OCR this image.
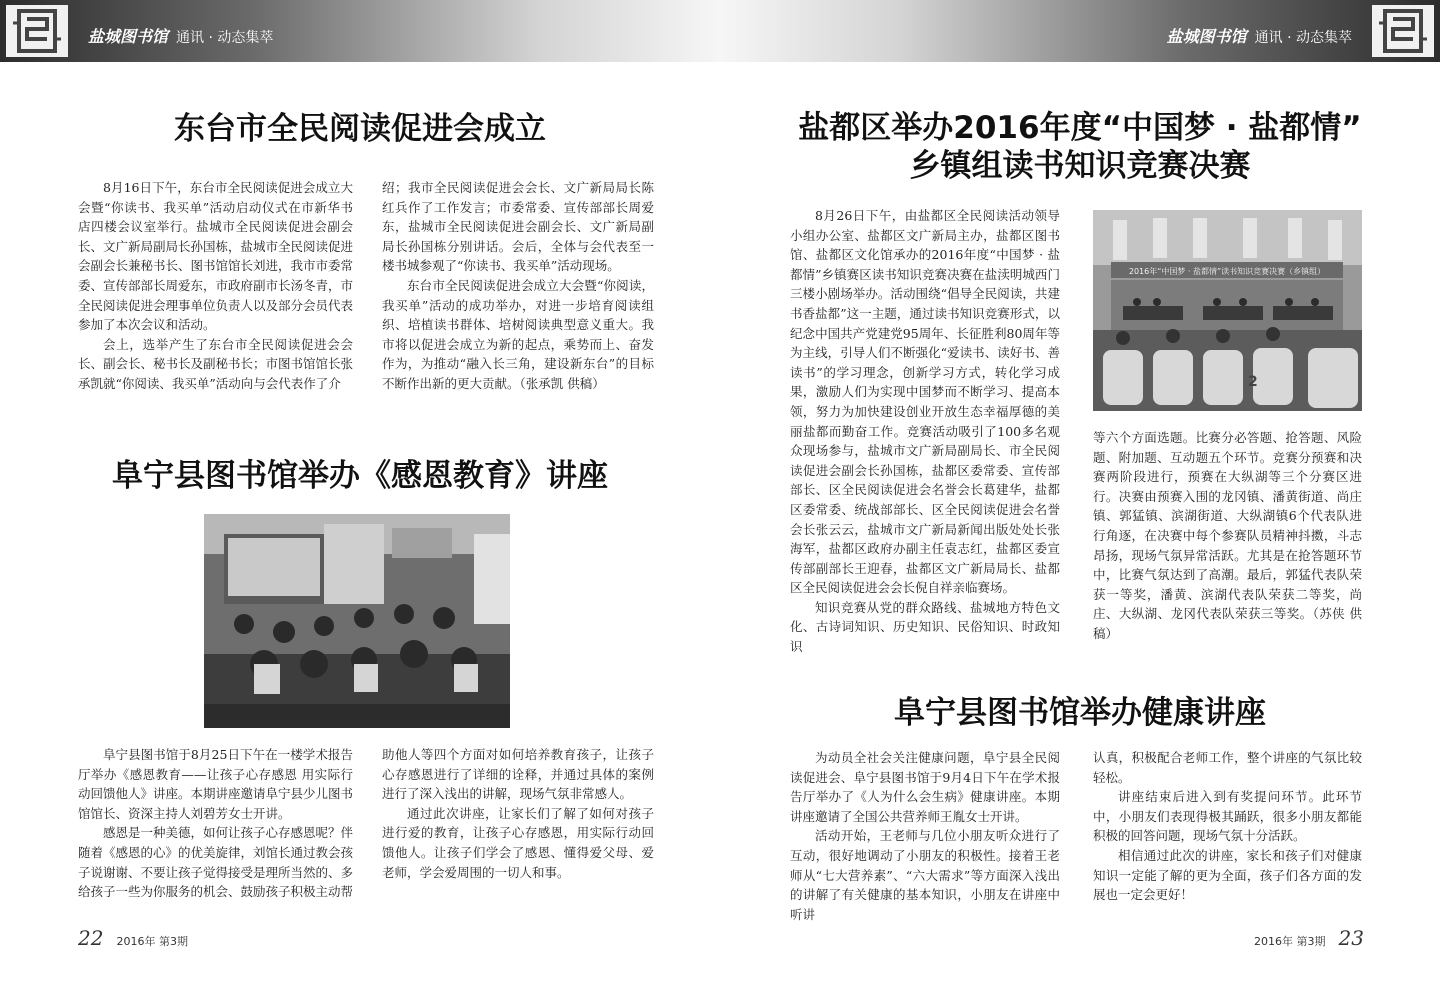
盐城图书馆 通讯 · 动态集萃
东台市全民阅读促进会成立

8月16日下午，东台市全民阅读促进会成立大会暨“你读书、我买单”活动启动仪式在市新华书店四楼会议室举行。盐城市全民阅读促进会副会长、文广新局副局长孙国栋，盐城市全民阅读促进会副会长兼秘书长、图书馆馆长刘进，我市市委常委、宣传部部长周爱东，市政府副市长汤冬青，市全民阅读促进会理事单位负责人以及部分会员代表参加了本次会议和活动。

会上，选举产生了东台市全民阅读促进会会长、副会长、秘书长及副秘书长；市图书馆馆长张承凯就“你阅读、我买单”活动向与会代表作了介

绍；我市全民阅读促进会会长、文广新局局长陈红兵作了工作发言；市委常委、宣传部部长周爱东，盐城市全民阅读促进会副会长、文广新局副局长孙国栋分别讲话。会后，全体与会代表至一楼书城参观了“你读书、我买单”活动现场。

东台市全民阅读促进会成立大会暨“你阅读，我买单”活动的成功举办，对进一步培育阅读组织、培植读书群体、培树阅读典型意义重大。我市将以促进会成立为新的起点，乘势而上、奋发作为，为推动“融入长三角，建设新东台”的目标不断作出新的更大贡献。（张承凯 供稿）

阜宁县图书馆举办《感恩教育》讲座

阜宁县图书馆于8月25日下午在一楼学术报告厅举办《感恩教育——让孩子心存感恩 用实际行动回馈他人》讲座。本期讲座邀请阜宁县少儿图书馆馆长、资深主持人刘碧芳女士开讲。

感恩是一种美德，如何让孩子心存感恩呢？伴随着《感恩的心》的优美旋律，刘馆长通过教会孩子说谢谢、不要让孩子觉得接受是理所当然的、多给孩子一些为你服务的机会、鼓励孩子积极主动帮

助他人等四个方面对如何培养教育孩子，让孩子心存感恩进行了详细的诠释，并通过具体的案例进行了深入浅出的讲解，现场气氛非常感人。

通过此次讲座，让家长们了解了如何对孩子进行爱的教育，让孩子心存感恩，用实际行动回馈他人。让孩子们学会了感恩、懂得爱父母、爱老师，学会爱周围的一切人和事。

22 2016年 第3期
盐城图书馆 通讯 · 动态集萃
盐都区举办2016年度“中国梦 · 盐都情”
乡镇组读书知识竞赛决赛

8月26日下午，由盐都区全民阅读活动领导小组办公室、盐都区文广新局主办，盐都区图书馆、盐都区文化馆承办的2016年度“中国梦 · 盐都情”乡镇赛区读书知识竞赛决赛在盐渎明城西门三楼小剧场举办。活动围绕“倡导全民阅读，共建书香盐都”这一主题，通过读书知识竞赛形式，以纪念中国共产党建党95周年、长征胜利80周年等为主线，引导人们不断强化“爱读书、读好书、善读书”的学习理念，创新学习方式，转化学习成果，激励人们为实现中国梦而不断学习、提高本领，努力为加快建设创业开放生态幸福厚德的美丽盐都而勤奋工作。竞赛活动吸引了100多名观众现场参与，盐城市文广新局副局长、市全民阅读促进会副会长孙国栋，盐都区委常委、宣传部部长、区全民阅读促进会名誉会长葛建华，盐都区委常委、统战部部长、区全民阅读促进会名誉会长张云云，盐城市文广新局新闻出版处处长张海军，盐都区政府办副主任袁志红，盐都区委宣传部副部长王迎春，盐都区文广新局局长、盐都区全民阅读促进会会长倪自祥亲临赛场。

知识竞赛从党的群众路线、盐城地方特色文化、古诗词知识、历史知识、民俗知识、时政知识

2016年“中国梦 · 盐都情”读书知识竞赛决赛（乡镇组）
2

等六个方面选题。比赛分必答题、抢答题、风险题、附加题、互动题五个环节。竞赛分预赛和决赛两阶段进行，预赛在大纵湖等三个分赛区进行。决赛由预赛入围的龙冈镇、潘黄街道、尚庄镇、郭猛镇、滨湖街道、大纵湖镇6个代表队进行角逐，在决赛中每个参赛队员精神抖擞，斗志昂扬，现场气氛异常活跃。尤其是在抢答题环节中，比赛气氛达到了高潮。最后，郭猛代表队荣获一等奖，潘黄、滨湖代表队荣获二等奖，尚庄、大纵湖、龙冈代表队荣获三等奖。（苏侠 供稿）

阜宁县图书馆举办健康讲座

为动员全社会关注健康问题，阜宁县全民阅读促进会、阜宁县图书馆于9月4日下午在学术报告厅举办了《人为什么会生病》健康讲座。本期讲座邀请了全国公共营养师王胤女士开讲。

活动开始，王老师与几位小朋友听众进行了互动，很好地调动了小朋友的积极性。接着王老师从“七大营养素”、“六大需求”等方面深入浅出的讲解了有关健康的基本知识，小朋友在讲座中听讲

认真，积极配合老师工作，整个讲座的气氛比较轻松。

讲座结束后进入到有奖提问环节。此环节中，小朋友们表现得极其踊跃，很多小朋友都能积极的回答问题，现场气氛十分活跃。

相信通过此次的讲座，家长和孩子们对健康知识一定能了解的更为全面，孩子们各方面的发展也一定会更好！

2016年 第3期 23
